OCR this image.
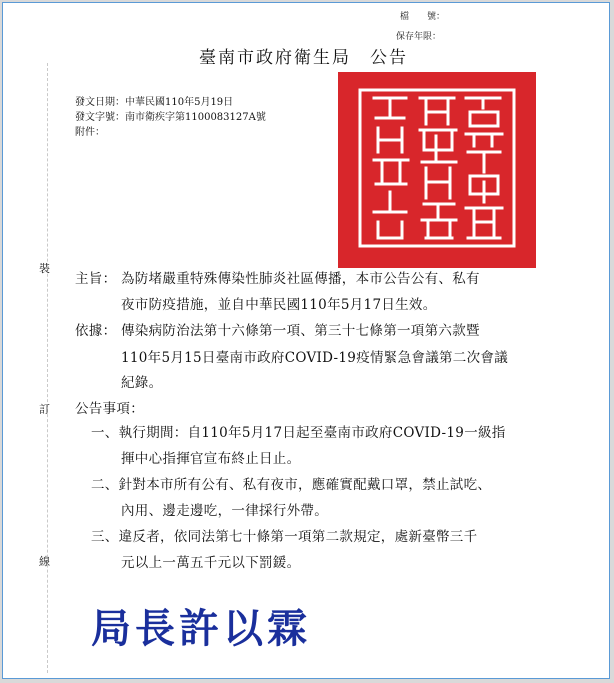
裝
訂
線
檔　　號：
保存年限：
臺南市政府衛生局　公告
發文日期：中華民國110年5月19日
發文字號：南市衛疾字第1100083127A號
附件：
主旨： 為防堵嚴重特殊傳染性肺炎社區傳播，本市公告公有、私有
夜市防疫措施，並自中華民國110年5月17日生效。
依據： 傳染病防治法第十六條第一項、第三十七條第一項第六款暨
110年5月15日臺南市政府COVID-19疫情緊急會議第二次會議
紀錄。
公告事項：
一、執行期間：自110年5月17日起至臺南市政府COVID-19一級指
揮中心指揮官宣布終止日止。
二、針對本市所有公有、私有夜市，應確實配戴口罩，禁止試吃、
內用、邊走邊吃，一律採行外帶。
三、違反者，依同法第七十條第一項第二款規定，處新臺幣三千
元以上一萬五千元以下罰鍰。
局長許以霖
